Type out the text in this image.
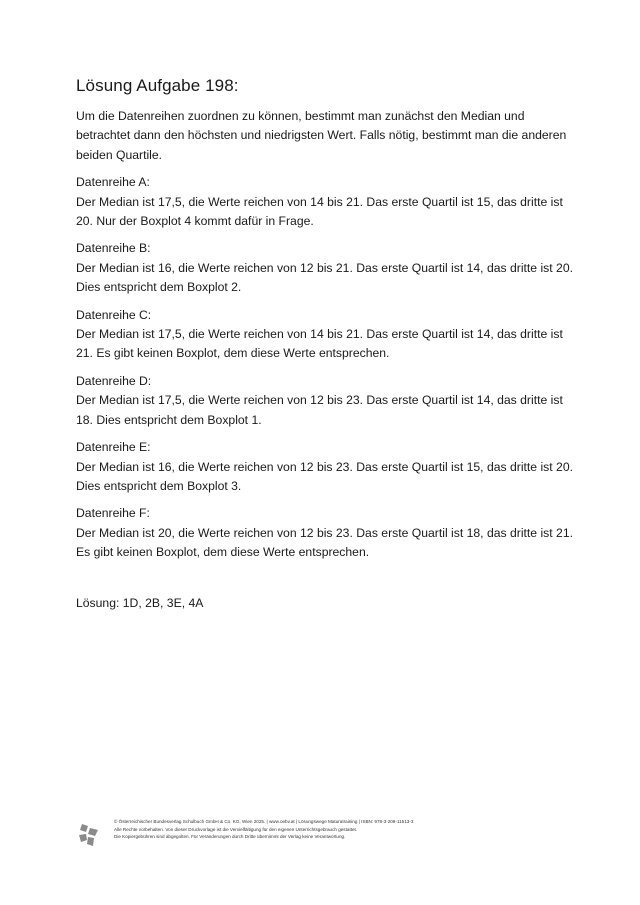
Lösung Aufgabe 198:

Um die Datenreihen zuordnen zu können, bestimmt man zunächst den Median und betrachtet dann den höchsten und niedrigsten Wert. Falls nötig, bestimmt man die anderen beiden Quartile.

Datenreihe A:
Der Median ist 17,5, die Werte reichen von 14 bis 21. Das erste Quartil ist 15, das dritte ist 20. Nur der Boxplot 4 kommt dafür in Frage.
Datenreihe B:
Der Median ist 16, die Werte reichen von 12 bis 21. Das erste Quartil ist 14, das dritte ist 20. Dies entspricht dem Boxplot 2.
Datenreihe C:
Der Median ist 17,5, die Werte reichen von 14 bis 21. Das erste Quartil ist 14, das dritte ist 21. Es gibt keinen Boxplot, dem diese Werte entsprechen.
Datenreihe D:
Der Median ist 17,5, die Werte reichen von 12 bis 23. Das erste Quartil ist 14, das dritte ist 18. Dies entspricht dem Boxplot 1.
Datenreihe E:
Der Median ist 16, die Werte reichen von 12 bis 23. Das erste Quartil ist 15, das dritte ist 20. Dies entspricht dem Boxplot 3.
Datenreihe F:
Der Median ist 20, die Werte reichen von 12 bis 23. Das erste Quartil ist 18, das dritte ist 21. Es gibt keinen Boxplot, dem diese Werte entsprechen.
Lösung: 1D, 2B, 3E, 4A
© Österreichischer Bundesverlag Schulbuch GmbH & Co. KG, Wien 2025. | www.oebv.at | Lösungswege Maturatraining | ISBN: 978-3-209-11513-3
Alle Rechte vorbehalten. Von dieser Druckvorlage ist die Vervielfältigung für den eigenen Unterrichtsgebrauch gestattet.
Die Kopiergebühren sind abgegolten. Für Veränderungen durch Dritte übernimmt der Verlag keine Verantwortung.
